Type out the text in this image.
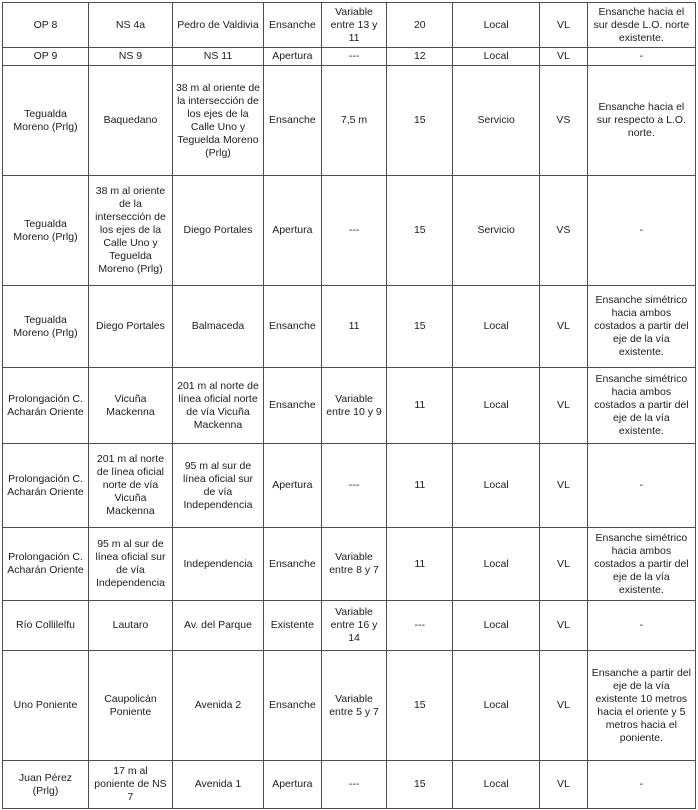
OP 8	NS 4a	Pedro de Valdivia	Ensanche	Variable entre 13 y 11	20	Local	VL	Ensanche hacia el sur desde L.O. norte existente.
OP 9	NS 9	NS 11	Apertura	---	12	Local	VL	-
Tegualda Moreno (Prlg)	Baquedano	38 m al oriente de la intersección de los ejes de la Calle Uno y Teguelda Moreno (Prlg)	Ensanche	7,5 m	15	Servicio	VS	Ensanche hacia el sur respecto a L.O. norte.
Tegualda Moreno (Prlg)	38 m al oriente de la intersección de los ejes de la Calle Uno y Teguelda Moreno (Prlg)	Diego Portales	Apertura	---	15	Servicio	VS	-
Tegualda Moreno (Prlg)	Diego Portales	Balmaceda	Ensanche	11	15	Local	VL	Ensanche simétrico hacia ambos costados a partir del eje de la vía existente.
Prolongación C. Acharán Oriente	Vicuña Mackenna	201 m al norte de línea oficial norte de vía Vicuña Mackenna	Ensanche	Variable entre 10 y 9	11	Local	VL	Ensanche simétrico hacia ambos costados a partir del eje de la vía existente.
Prolongación C. Acharán Oriente	201 m al norte de línea oficial norte de vía Vicuña Mackenna	95 m al sur de línea oficial sur de vía Independencia	Apertura	---	11	Local	VL	-
Prolongación C. Acharán Oriente	95 m al sur de línea oficial sur de vía Independencia	Independencia	Ensanche	Variable entre 8 y 7	11	Local	VL	Ensanche simétrico hacia ambos costados a partir del eje de la vía existente.
Río Collilelfu	Lautaro	Av. del Parque	Existente	Variable entre 16 y 14	---	Local	VL	-
Uno Poniente	Caupolicán Poniente	Avenida 2	Ensanche	Variable entre 5 y 7	15	Local	VL	Ensanche a partir del eje de la vía existente 10 metros hacia el oriente y 5 metros hacia el poniente.
Juan Pérez (Prlg)	17 m al poniente de NS 7	Avenida 1	Apertura	---	15	Local	VL	-
